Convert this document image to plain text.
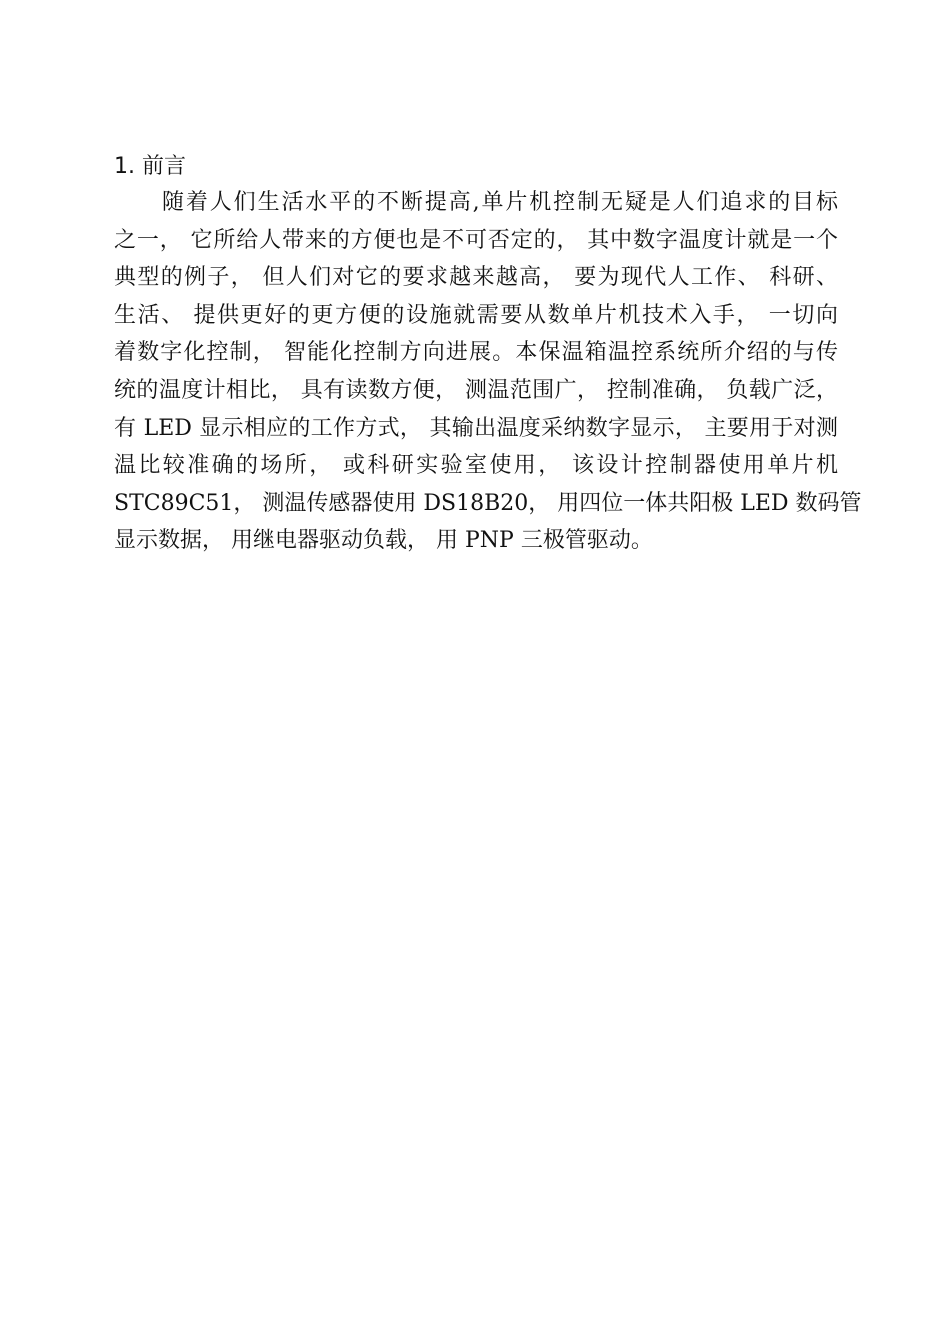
1. 前言
随着人们生活水平的不断提高,单片机控制无疑是人们追求的目标
之一， 它所给人带来的方便也是不可否定的， 其中数字温度计就是一个
典型的例子， 但人们对它的要求越来越高， 要为现代人工作、 科研、
生活、 提供更好的更方便的设施就需要从数单片机技术入手， 一切向
着数字化控制， 智能化控制方向进展。本保温箱温控系统所介绍的与传
统的温度计相比， 具有读数方便， 测温范围广， 控制准确， 负载广泛，
有 LED 显示相应的工作方式， 其输出温度采纳数字显示， 主要用于对测
温比较准确的场所， 或科研实验室使用， 该设计控制器使用单片机
STC89C51， 测温传感器使用 DS18B20， 用四位一体共阳极 LED 数码管
显示数据， 用继电器驱动负载， 用 PNP 三极管驱动。
